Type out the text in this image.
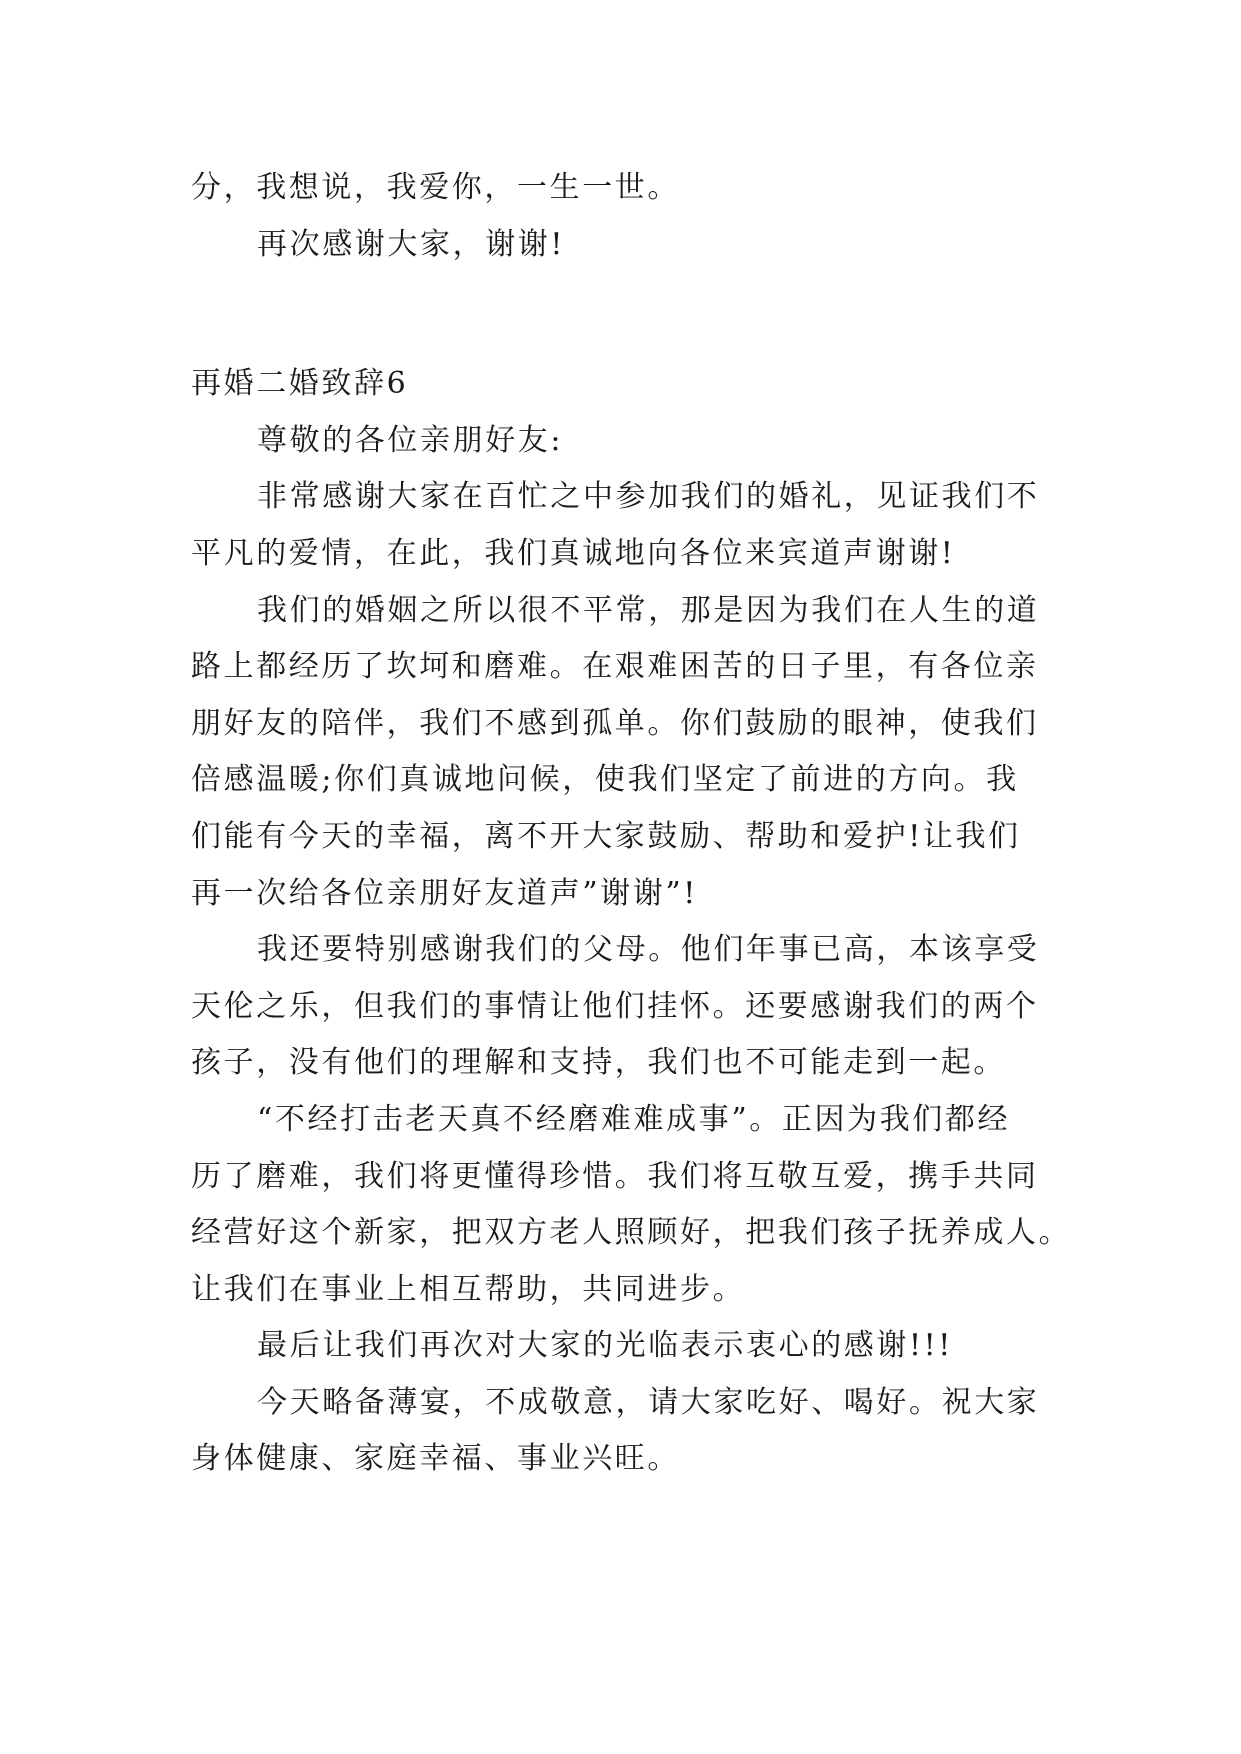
分，我想说，我爱你，一生一世。
再次感谢大家，谢谢!
再婚二婚致辞6
尊敬的各位亲朋好友:
非常感谢大家在百忙之中参加我们的婚礼，见证我们不
平凡的爱情，在此，我们真诚地向各位来宾道声谢谢!
我们的婚姻之所以很不平常，那是因为我们在人生的道
路上都经历了坎坷和磨难。在艰难困苦的日子里，有各位亲
朋好友的陪伴，我们不感到孤单。你们鼓励的眼神，使我们
倍感温暖;你们真诚地问候，使我们坚定了前进的方向。我
们能有今天的幸福，离不开大家鼓励、帮助和爱护!让我们
再一次给各位亲朋好友道声”谢谢”!
我还要特别感谢我们的父母。他们年事已高，本该享受
天伦之乐，但我们的事情让他们挂怀。还要感谢我们的两个
孩子，没有他们的理解和支持，我们也不可能走到一起。
“不经打击老天真不经磨难难成事”。正因为我们都经
历了磨难，我们将更懂得珍惜。我们将互敬互爱，携手共同
经营好这个新家，把双方老人照顾好，把我们孩子抚养成人。
让我们在事业上相互帮助，共同进步。
最后让我们再次对大家的光临表示衷心的感谢!!!
今天略备薄宴，不成敬意，请大家吃好、喝好。祝大家
身体健康、家庭幸福、事业兴旺。
